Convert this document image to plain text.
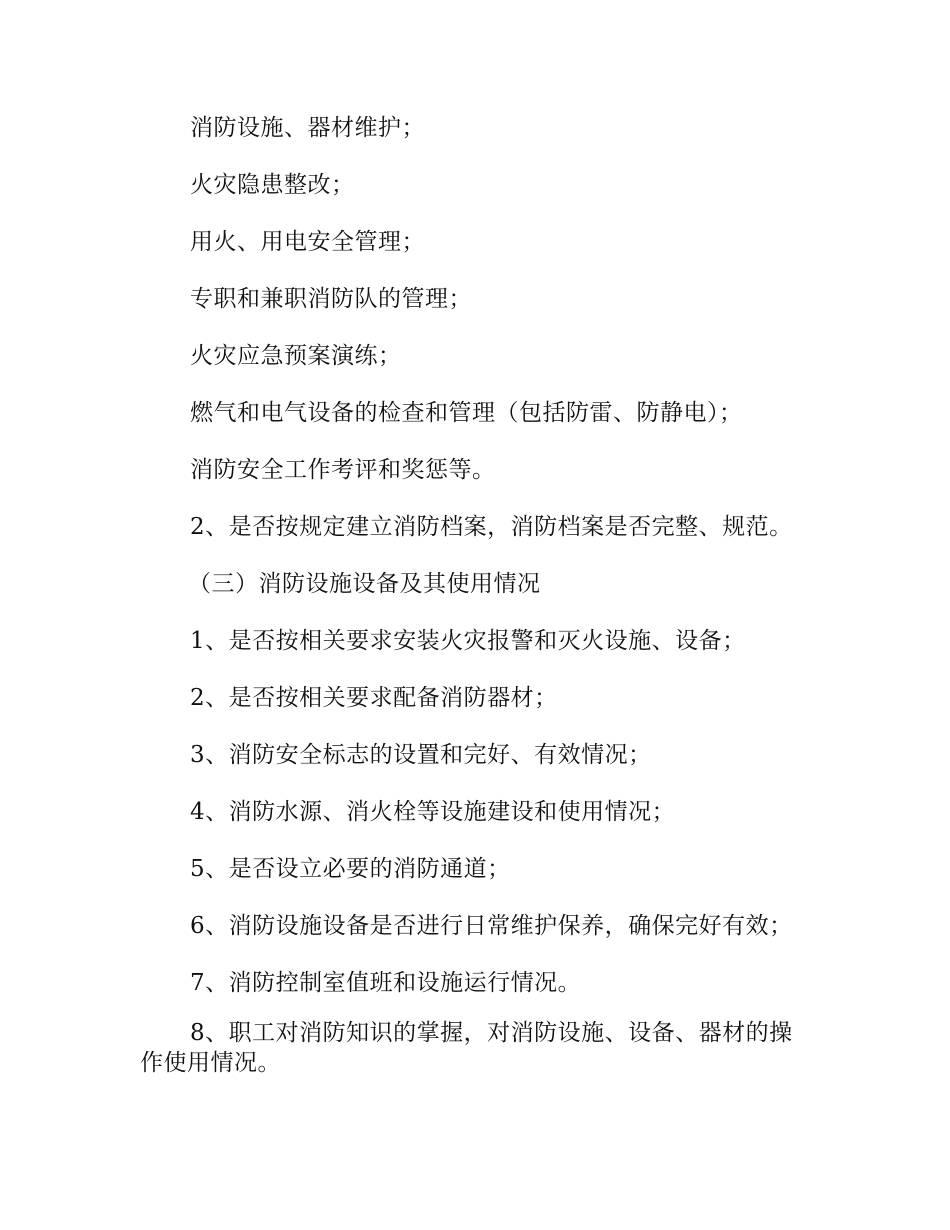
消防设施、器材维护；
火灾隐患整改；
用火、用电安全管理；
专职和兼职消防队的管理；
火灾应急预案演练；
燃气和电气设备的检查和管理（包括防雷、防静电）；
消防安全工作考评和奖惩等。
2、是否按规定建立消防档案，消防档案是否完整、规范。
（三）消防设施设备及其使用情况
1、是否按相关要求安装火灾报警和灭火设施、设备；
2、是否按相关要求配备消防器材；
3、消防安全标志的设置和完好、有效情况；
4、消防水源、消火栓等设施建设和使用情况；
5、是否设立必要的消防通道；
6、消防设施设备是否进行日常维护保养，确保完好有效；
7、消防控制室值班和设施运行情况。
8、职工对消防知识的掌握，对消防设施、设备、器材的操作使用情况。
